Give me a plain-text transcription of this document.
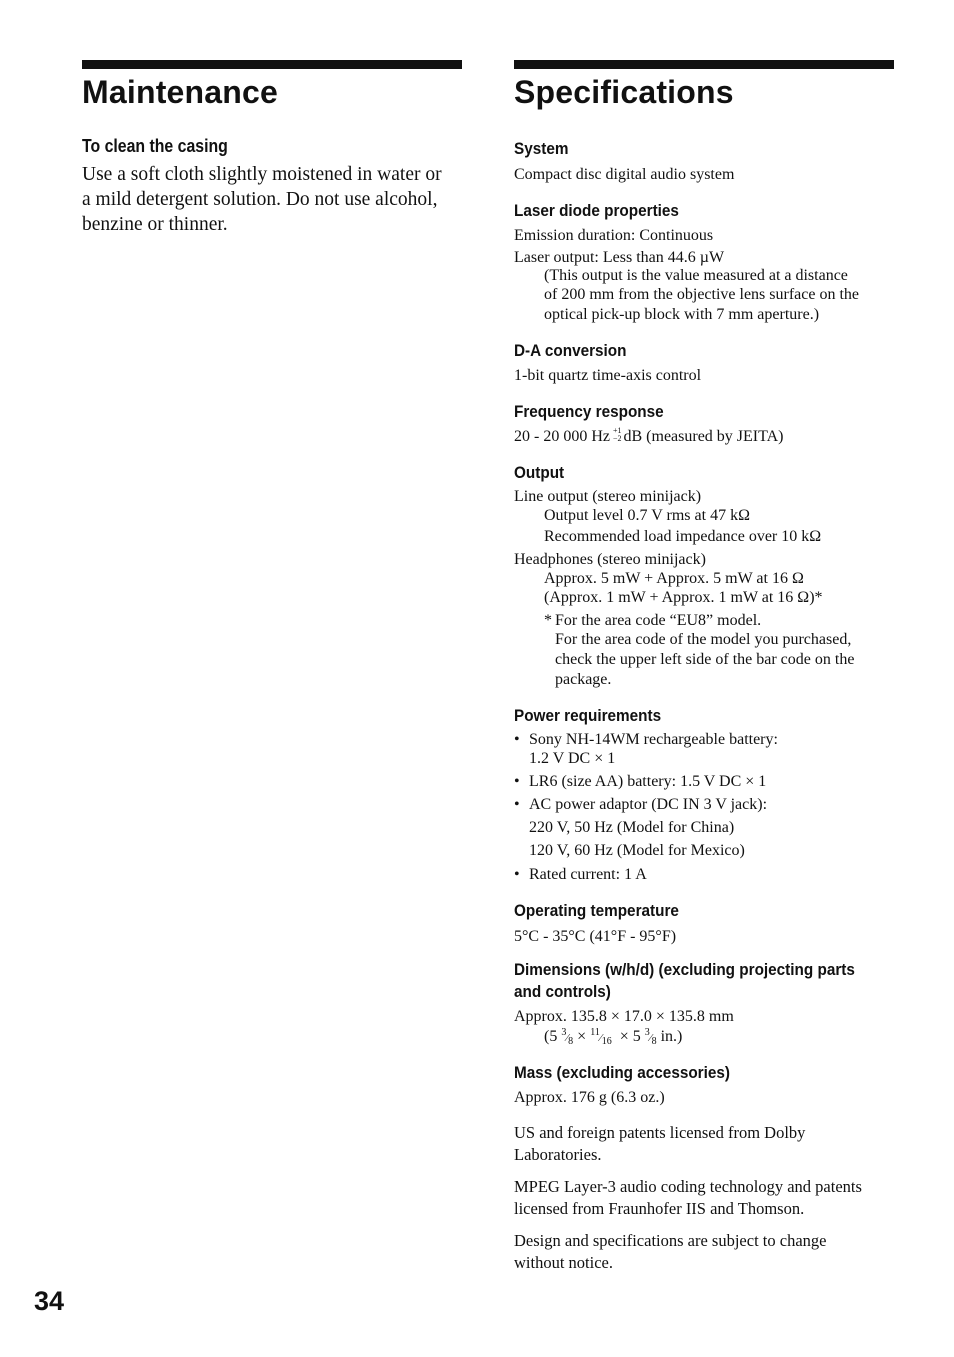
Maintenance
To clean the casing
Use a soft cloth slightly moistened in water or
a mild detergent solution. Do not use alcohol,
benzine or thinner.
Specifications
System
Compact disc digital audio system
Laser diode properties
Emission duration: Continuous
Laser output: Less than 44.6 µW
(This output is the value measured at a distance
of 200 mm from the objective lens surface on the
optical pick-up block with 7 mm aperture.)
D-A conversion
1-bit quartz time-axis control
Frequency response
20 - 20 000 Hz +1
−2 dB (measured by JEITA)
Output
Line output (stereo minijack)
Output level 0.7 V rms at 47 kΩ
Recommended load impedance over 10 kΩ
Headphones (stereo minijack)
Approx. 5 mW + Approx. 5 mW at 16 Ω
(Approx. 1 mW + Approx. 1 mW at 16 Ω)*
* For the area code “EU8” model.
For the area code of the model you purchased,
check the upper left side of the bar code on the
package.
Power requirements
• Sony NH-14WM rechargeable battery:
1.2 V DC × 1
• LR6 (size AA) battery: 1.5 V DC × 1
• AC power adaptor (DC IN 3 V jack):
220 V, 50 Hz (Model for China)
120 V, 60 Hz (Model for Mexico)
• Rated current: 1 A
Operating temperature
5°C - 35°C (41°F - 95°F)
Dimensions (w/h/d) (excluding projecting parts
and controls)
Approx. 135.8 × 17.0 × 135.8 mm
(5 $^3$⁄8 × $^{11}$⁄16 × 5 $^3$⁄8 in.)
Mass (excluding accessories)
Approx. 176 g (6.3 oz.)

US and foreign patents licensed from Dolby Laboratories.

MPEG Layer-3 audio coding technology and patents licensed from Fraunhofer IIS and Thomson.

Design and specifications are subject to change without notice.

34
